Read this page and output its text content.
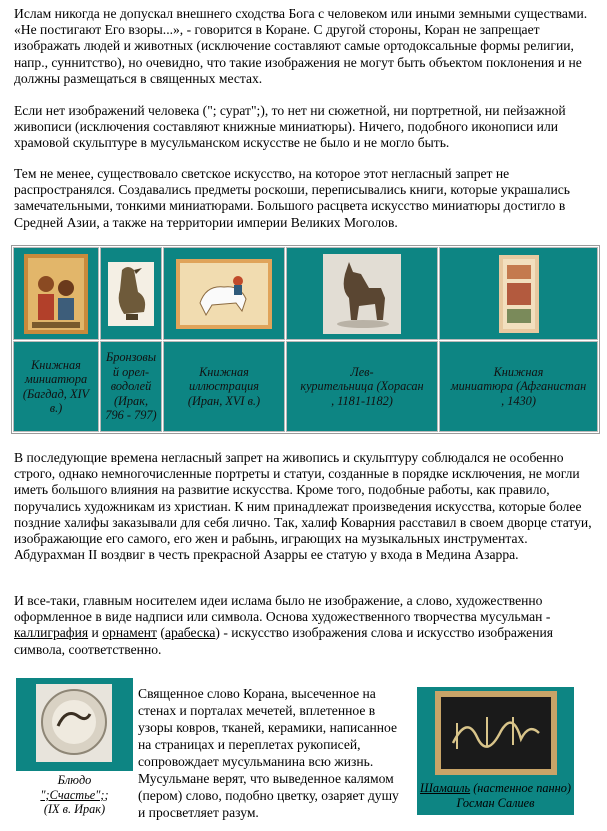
Ислам никогда не допускал внешнего сходства Бога с человеком или иными земными существами. «Не постигают Его взоры...», - говорится в Коране. С другой стороны, Коран не запрещает изображать людей и животных (исключение составляют самые ортодоксальные формы религии, напр., суннитство), но очевидно, что такие изображения не могут быть объектом поклонения и не должны размещаться в священных местах.

Если нет изображений человека ("; сурат";), то нет ни сюжетной, ни портретной, ни пейзажной живописи (исключения составляют книжные миниатюры). Ничего, подобного иконописи или храмовой скульптуре в мусульманском искусстве не было и не могло быть.

Тем не менее, существовало светское искусство, на которое этот негласный запрет не распространялся. Создавались предметы роскоши, переписывались книги, которые украшались замечательными, тонкими миниатюрами. Большого расцвета искусство миниатюры достигло в Средней Азии, а также на территории империи Великих Моголов.

Книжная
миниатюра
(Багдад, XIV
в.)
Бронзовы
й орел-
водолей
(Ирак,
796 - 797)
Книжная
иллюстрация
(Иран, XVI в.)
Лев-
курительница (Хорасан
, 1181-1182)
Книжная
миниатюра (Афганистан
, 1430)

В последующие времена негласный запрет на живопись и скульптуру соблюдался не особенно строго, однако немногочисленные портреты и статуи, созданные в порядке исключения, не могли иметь большого влияния на развитие искусства. Кроме того, подобные работы, как правило, поручались художникам из христиан. К ним принадлежат произведения искусства, которые более поздние халифы заказывали для себя лично. Так, халиф Коварния расставил в своем дворце статуи, изображающие его самого, его жен и рабынь, играющих на музыкальных инструментах. Абдурахман II воздвиг в честь прекрасной Азарры ее статую у входа в Медина Азарра.

И все-таки, главным носителем идеи ислама было не изображение, а слово, художественно оформленное в виде надписи или символа. Основа художественного творчества мусульман - каллиграфия и орнамент (арабеска) - искусство изображения слова и искусство изображения символа, соответственно.

Блюдо
";Счастье";;
(IX в. Ирак)

Священное слово Корана, высеченное на стенах и порталах мечетей, вплетенное в узоры ковров, тканей, керамики, написанное на страницах и переплетах рукописей, сопровождает мусульманина всю жизнь. Мусульмане верят, что выведенное калямом (пером) слово, подобно цветку, озаряет душу и просветляет разум.

Шамаиль (настенное панно) Госман Салиев
